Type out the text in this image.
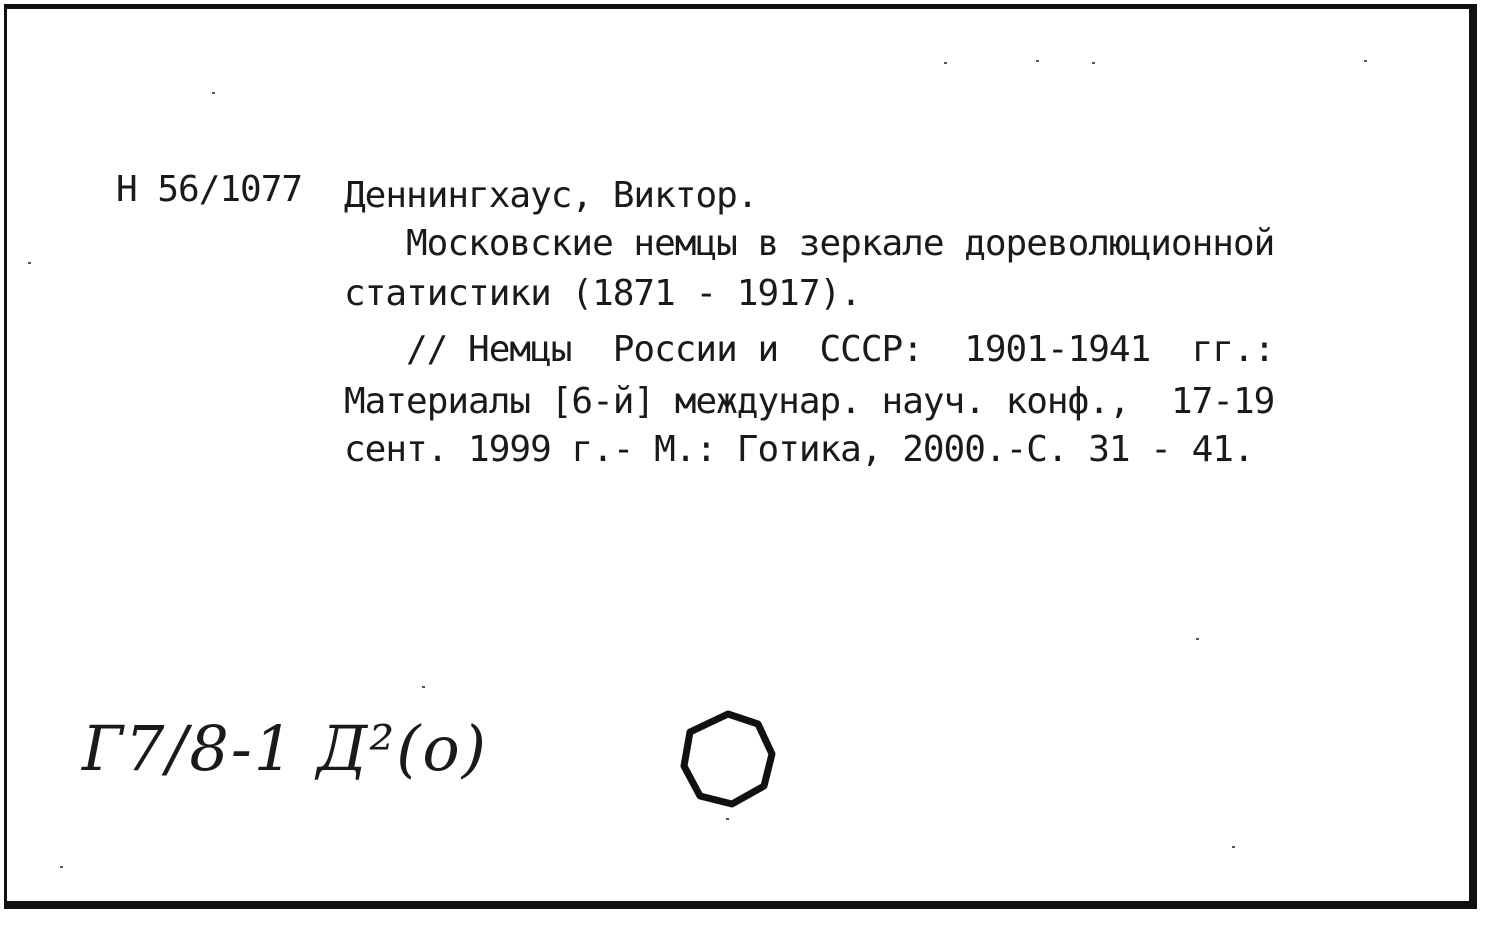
Н 56/1077 Деннингхаус, Виктор.
Московские немцы в зеркале дореволюционной
статистики (1871 - 1917).
// Немцы  России и  СССР:  1901-1941  гг.:
Материалы [6-й] междунар. науч. конф.,  17-19
сент. 1999 г.- М.: Готика, 2000.-С. 31 - 41.
Г7/8-1 Д²(о)
